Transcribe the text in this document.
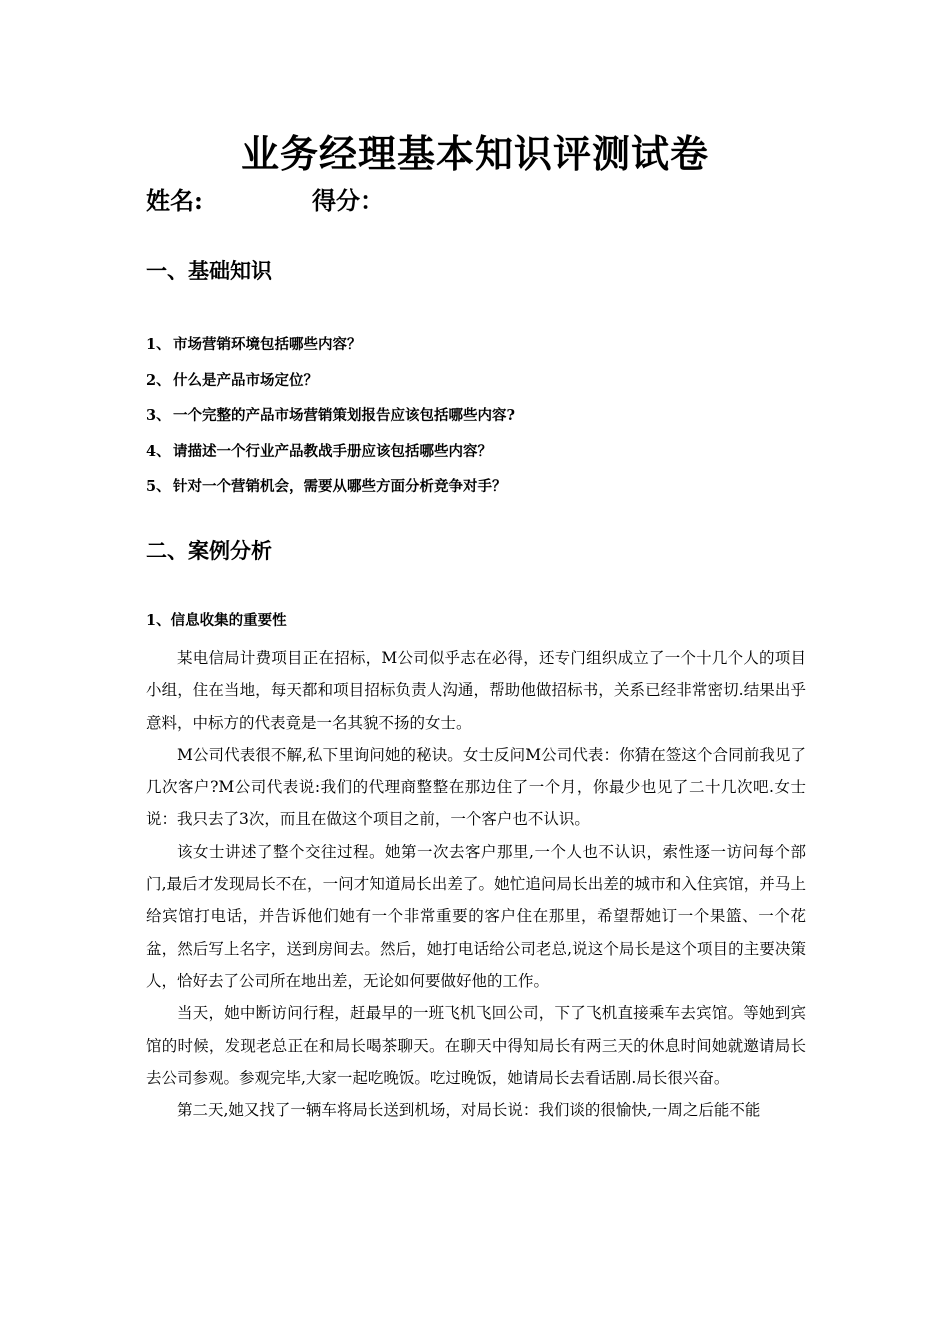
业务经理基本知识评测试卷
姓名:	得分：
一、基础知识
1、 市场营销环境包括哪些内容？
2、 什么是产品市场定位？
3、 一个完整的产品市场营销策划报告应该包括哪些内容?
4、 请描述一个行业产品教战手册应该包括哪些内容？
5、 针对一个营销机会，需要从哪些方面分析竞争对手？
二、案例分析
1、信息收集的重要性

某电信局计费项目正在招标，M公司似乎志在必得，还专门组织成立了一个十几个人的项目小组，住在当地，每天都和项目招标负责人沟通，帮助他做招标书，关系已经非常密切.结果出乎意料，中标方的代表竟是一名其貌不扬的女士。

M公司代表很不解,私下里询问她的秘诀。女士反问M公司代表：你猜在签这个合同前我见了几次客户?M公司代表说:我们的代理商整整在那边住了一个月，你最少也见了二十几次吧.女士说：我只去了3次，而且在做这个项目之前，一个客户也不认识。

该女士讲述了整个交往过程。她第一次去客户那里,一个人也不认识，索性逐一访问每个部门,最后才发现局长不在，一问才知道局长出差了。她忙追问局长出差的城市和入住宾馆，并马上给宾馆打电话，并告诉他们她有一个非常重要的客户住在那里，希望帮她订一个果篮、一个花盆，然后写上名字，送到房间去。然后，她打电话给公司老总,说这个局长是这个项目的主要决策人，恰好去了公司所在地出差，无论如何要做好他的工作。

当天，她中断访问行程，赶最早的一班飞机飞回公司，下了飞机直接乘车去宾馆。等她到宾馆的时候，发现老总正在和局长喝茶聊天。在聊天中得知局长有两三天的休息时间她就邀请局长去公司参观。参观完毕,大家一起吃晚饭。吃过晚饭，她请局长去看话剧.局长很兴奋。

第二天,她又找了一辆车将局长送到机场，对局长说：我们谈的很愉快,一周之后能不能
